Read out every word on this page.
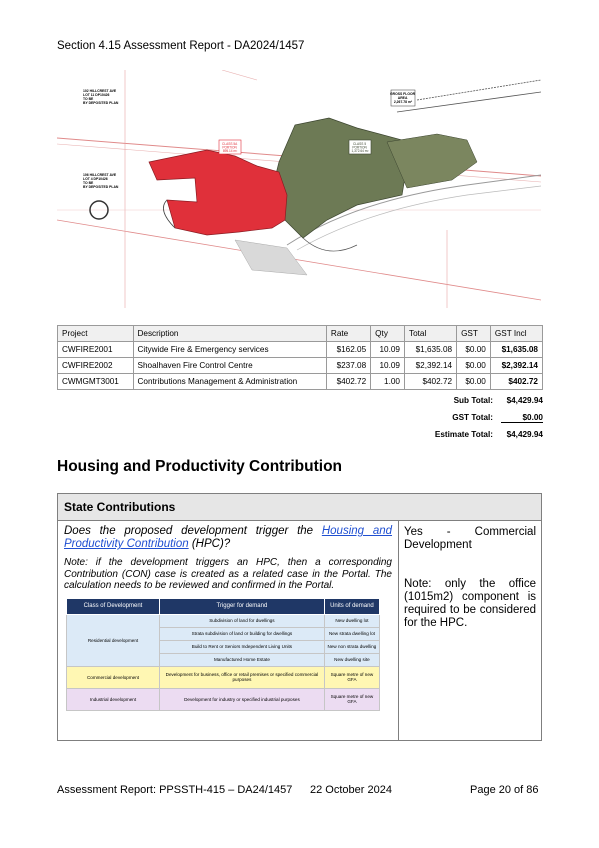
Section 4.15 Assessment Report - DA2024/1457
102 HILLCREST AVE LOT 11 DP10426 TO BE BY DEPOSITED PLAN
106 HILLCREST AVE LOT 4 DP10426 TO BE BY DEPOSITED PLAN
GROSS FLOOR AREA 2,267.78 m²
CLASS 5A PORTION 895.14 m²
CLASS 5 PORTION 1,372.64 m²
Project	Description	Rate	Qty	Total	GST	GST Incl
CWFIRE2001	Citywide Fire & Emergency services	$162.05	10.09	$1,635.08	$0.00	$1,635.08
CWFIRE2002	Shoalhaven Fire Control Centre	$237.08	10.09	$2,392.14	$0.00	$2,392.14
CWMGMT3001	Contributions Management & Administration	$402.72	1.00	$402.72	$0.00	$402.72
Sub Total:	$4,429.94
GST Total:	$0.00
Estimate Total:	$4,429.94
Housing and Productivity Contribution
State Contributions

Does the proposed development trigger the Housing and Productivity Contribution (HPC)?

Note: if the development triggers an HPC, then a corresponding Contribution (CON) case is created as a related case in the Portal. The calculation needs to be reviewed and confirmed in the Portal.

Class of Development	Trigger for demand	Units of demand
Residential development	Subdivision of land for dwellings	New dwelling lot
	Strata subdivision of land or building for dwellings	New strata dwelling lot
	Build to Rent or Seniors Independent Living Units	New non strata dwelling
	Manufactured Home Estate	New dwelling site
Commercial development	Development for business, office or retail premises or specified commercial purposes	Square metre of new GFA
Industrial development	Development for industry or specified industrial purposes	Square metre of new GFA
Yes - Commercial Development
Note: only the office (1015m2) component is required to be considered for the HPC.
Assessment Report: PPSSTH-415 – DA24/1457 22 October 2024	Page 20 of 86
